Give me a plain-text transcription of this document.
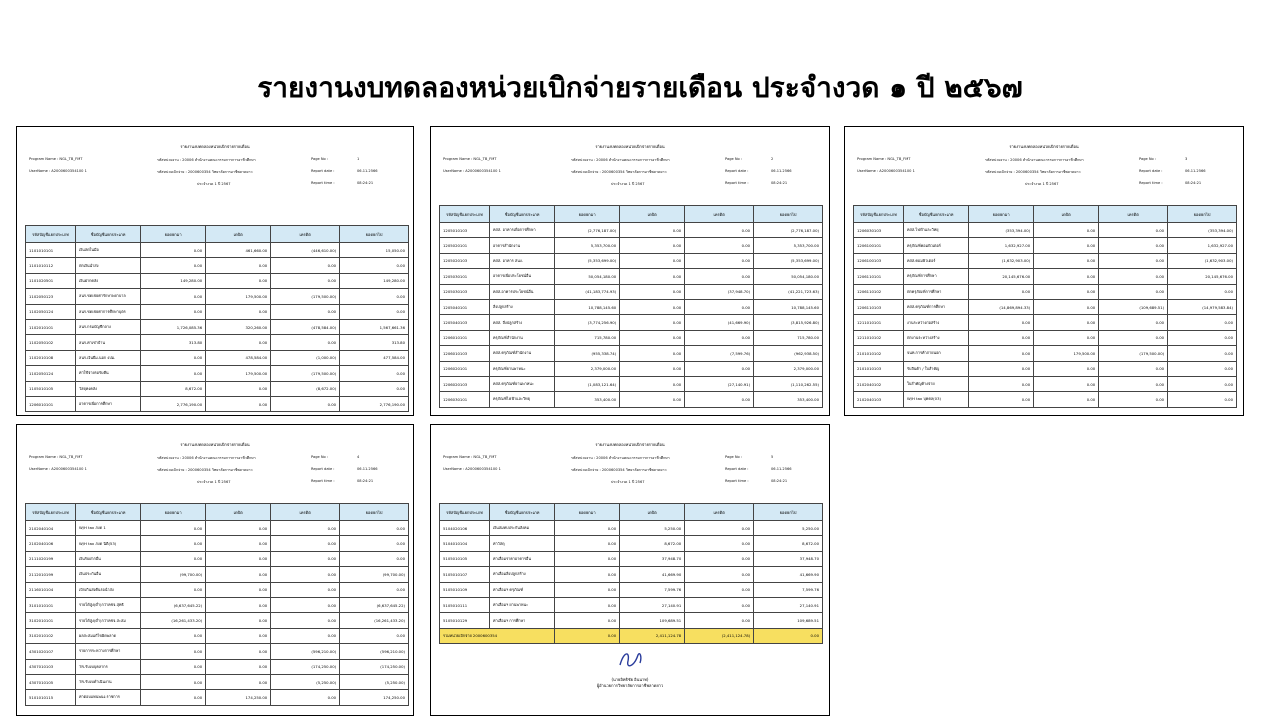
รายงานงบทดลองหน่วยเบิกจ่ายรายเดือน ประจำงวด ๑ ปี ๒๕๖๗
รายงานงบทดลองหน่วยเบิกจ่ายรายเดือน
Program Name : NGL_TB_FMT
UserName : A2000600354100 1
รหัสหน่วยงาน : 20006 สำนักงานคณะกรรมการการอาชีวศึกษา
รหัสหน่วยเบิกจ่าย : 2000600354 วิทยาลัยการอาชีพลาดยาว
ประจำงวด 1 ปี 2567
Page No :	1
Report date :	06.11.2566
Report time :	08:24:21
รหัสบัญชีแยกประเภท	ชื่อบัญชีแยกประเภท	ยอดยกมา	เดบิต	เครดิต	ยอดยกไป
1101010101	เงินสดในมือ	0.00	461,660.00	(446,610.00)	15,050.00
1101010112	พักเงินนำส่ง	0.00	0.00	0.00	0.00
1101020501	เงินฝากคลัง	149,280.00	0.00	0.00	149,280.00
1102050123	ลนร.ชดเชยค่ารักษาพยาบาล	0.00	179,500.00	(179,500.00)	0.00
1102050124	ลนร.ชดเชยค่าการศึกษาบุตร	0.00	0.00	0.00	0.00
1102010101	ลนร.กรมบัญชีกลาง	1,726,085.36	320,260.00	(478,584.00)	1,567,661.36
1102050102	ลนร.ค่าเช่าบ้าน	313.80	0.00	0.00	313.80
1102010108	ลนร.เงินยืม-นอก งปม.	0.00	478,584.00	(1,000.00)	477,584.00
1102050124	ค่าใช้จ่ายรอรับคืน	0.00	179,500.00	(179,500.00)	0.00
1105010105	วัสดุคงคลัง	8,672.00	0.00	(8,672.00)	0.00
1206010101	อาคารเพื่อการศึกษา	2,776,190.00	0.00	0.00	2,776,190.00
รายงานงบทดลองหน่วยเบิกจ่ายรายเดือน
Program Name : NGL_TB_FMT
UserName : A2000600354100 1
รหัสหน่วยงาน : 20006 สำนักงานคณะกรรมการการอาชีวศึกษา
รหัสหน่วยเบิกจ่าย : 2000600354 วิทยาลัยการอาชีพลาดยาว
ประจำงวด 1 ปี 2567
Page No :	2
Report date :	06.11.2566
Report time :	08:24:21
รหัสบัญชีแยกประเภท	ชื่อบัญชีแยกประเภท	ยอดยกมา	เดบิต	เครดิต	ยอดยกไป
1205010103	คสส. อาคารเพื่อการศึกษา	(2,776,187.00)	0.00	0.00	(2,776,187.00)
1205020101	อาคารสำนักงาน	5,353,700.00	0.00	0.00	5,353,700.00
1205020103	คสส. อาคาร สนง.	(5,353,699.00)	0.00	0.00	(5,353,699.00)
1205030101	อาคารเพื่อประโยชน์อื่น	50,054,180.00	0.00	0.00	50,054,180.00
1205030103	คสส.อาคารประโยชน์อื่น	(41,183,774.93)	0.00	(37,948.70)	(41,221,723.63)
1205040101	สิ่งปลูกสร้าง	10,788,145.60	0.00	0.00	10,788,145.60
1205040103	คสส. สิ่งปลูกสร้าง	(3,774,256.90)	0.00	(41,669.90)	(3,815,926.80)
1206010101	ครุภัณฑ์สำนักงาน	715,780.00	0.00	0.00	715,780.00
1206010103	คสส.ครุภัณฑ์สำนักงาน	(955,338.74)	0.00	(7,599.76)	(962,938.50)
1206020101	ครุภัณฑ์ยานพาหนะ	2,379,000.00	0.00	0.00	2,379,000.00
1206020103	คสส.ครุภัณฑ์ยานพาหนะ	(1,083,121.64)	0.00	(27,140.91)	(1,110,262.55)
1206030101	ครุภัณฑ์ไฟฟ้าและวิทยุ	353,400.00	0.00	0.00	353,400.00
รายงานงบทดลองหน่วยเบิกจ่ายรายเดือน
Program Name : NGL_TB_FMT
UserName : A2000600354100 1
รหัสหน่วยงาน : 20006 สำนักงานคณะกรรมการการอาชีวศึกษา
รหัสหน่วยเบิกจ่าย : 2000600354 วิทยาลัยการอาชีพลาดยาว
ประจำงวด 1 ปี 2567
Page No :	3
Report date :	06.11.2566
Report time :	08:24:21
รหัสบัญชีแยกประเภท	ชื่อบัญชีแยกประเภท	ยอดยกมา	เดบิต	เครดิต	ยอดยกไป
1206030103	คสส.ไฟฟ้าและวิทยุ	(353,394.00)	0.00	0.00	(353,394.00)
1206100101	ครุภัณฑ์คอมพิวเตอร์	1,632,927.00	0.00	0.00	1,632,927.00
1206100103	คสส.คอมพิวเตอร์	(1,632,903.00)	0.00	0.00	(1,632,903.00)
1206110101	ครุภัณฑ์การศึกษา	20,145,676.00	0.00	0.00	20,145,676.00
1206110102	พักครุภัณฑ์การศึกษา	0.00	0.00	0.00	0.00
1206110103	คสส.ครุภัณฑ์การศึกษา	(14,869,894.33)	0.00	(109,689.51)	(14,979,583.84)
1211010101	งานระหว่างก่อสร้าง	0.00	0.00	0.00	0.00
1211010102	พักงานระหว่างสร้าง	0.00	0.00	0.00	0.00
2101010102	จนท.การค้าภายนอก	0.00	179,500.00	(179,500.00)	0.00
2101010103	รับสินค้า / ใบสำคัญ	0.00	0.00	0.00	0.00
2102040102	ใบสำคัญค้างจ่าย	0.00	0.00	0.00	0.00
2102040103	W/H tax บุคคล(03)	0.00	0.00	0.00	0.00
รายงานงบทดลองหน่วยเบิกจ่ายรายเดือน
Program Name : NGL_TB_FMT
UserName : A2000600354100 1
รหัสหน่วยงาน : 20006 สำนักงานคณะกรรมการการอาชีวศึกษา
รหัสหน่วยเบิกจ่าย : 2000600354 วิทยาลัยการอาชีพลาดยาว
ประจำงวด 1 ปี 2567
Page No :	4
Report date :	06.11.2566
Report time :	08:24:21
รหัสบัญชีแยกประเภท	ชื่อบัญชีแยกประเภท	ยอดยกมา	เดบิต	เครดิต	ยอดยกไป
2102040104	W/H tax ภงด 1	0.00	0.00	0.00	0.00
2102040106	W/H tax ภงด นิติ(53)	0.00	0.00	0.00	0.00
2111020199	เงินรับฝากอื่น	0.00	0.00	0.00	0.00
2112010199	เงินประกันอื่น	(99,700.00)	0.00	0.00	(99,700.00)
2116010104	เบิกเกินส่งคืนรอนำส่ง	0.00	0.00	0.00	0.00
3101010101	รายได้สูง(ต่ำ)กว่าคชจ.สุทธิ	(6,637,645.22)	0.00	0.00	(6,637,645.22)
3102010101	รายได้สูง(ต่ำ)กว่าคชจ.สะสม	(16,261,433.20)	0.00	0.00	(16,261,433.20)
3102010102	ผลสะสมแก้ไขผิดพลาด	0.00	0.00	0.00	0.00
4301020107	รายการระหว่างการศึกษา	0.00	0.00	(596,210.00)	(596,210.00)
4307010103	TR-รับงบบุคลากร	0.00	0.00	(174,250.00)	(174,250.00)
4307010105	TR-รับงบดำเนินงาน	0.00	0.00	(5,250.00)	(5,250.00)
5101010115	ค่าตอบแทนพนง.ราชการ	0.00	174,250.00	0.00	174,250.00
รายงานงบทดลองหน่วยเบิกจ่ายรายเดือน
Program Name : NGL_TB_FMT
UserName : A2000600354100 1
รหัสหน่วยงาน : 20006 สำนักงานคณะกรรมการการอาชีวศึกษา
รหัสหน่วยเบิกจ่าย : 2000600354 วิทยาลัยการอาชีพลาดยาว
ประจำงวด 1 ปี 2567
Page No :	5
Report date :	06.11.2566
Report time :	08:24:21
รหัสบัญชีแยกประเภท	ชื่อบัญชีแยกประเภท	ยอดยกมา	เดบิต	เครดิต	ยอดยกไป
5104020106	เงินสมทบประกันสังคม	0.00	5,250.00	0.00	5,250.00
5104010104	ค่าวัสดุ	0.00	8,672.00	0.00	8,672.00
5105010105	ค่าเสื่อมราคาอาคารอื่น	0.00	37,948.70	0.00	37,948.70
5105010107	ค่าเสื่อมสิ่งปลูกสร้าง	0.00	41,669.90	0.00	41,669.90
5105010109	ค่าเสื่อมฯ ครุภัณฑ์	0.00	7,599.76	0.00	7,599.76
5105010111	ค่าเสื่อมฯ ยานพาหนะ	0.00	27,140.91	0.00	27,140.91
5105010129	ค่าเสื่อมฯ การศึกษา	0.00	109,689.51	0.00	109,689.51
รวมหน่วยเบิกจ่าย 2000600354		0.00	2,411,124.78	(2,411,124.78)	0.00
(นายอิทธิชัย อินนาท)
ผู้อำนวยการวิทยาลัยการอาชีพลาดยาว
